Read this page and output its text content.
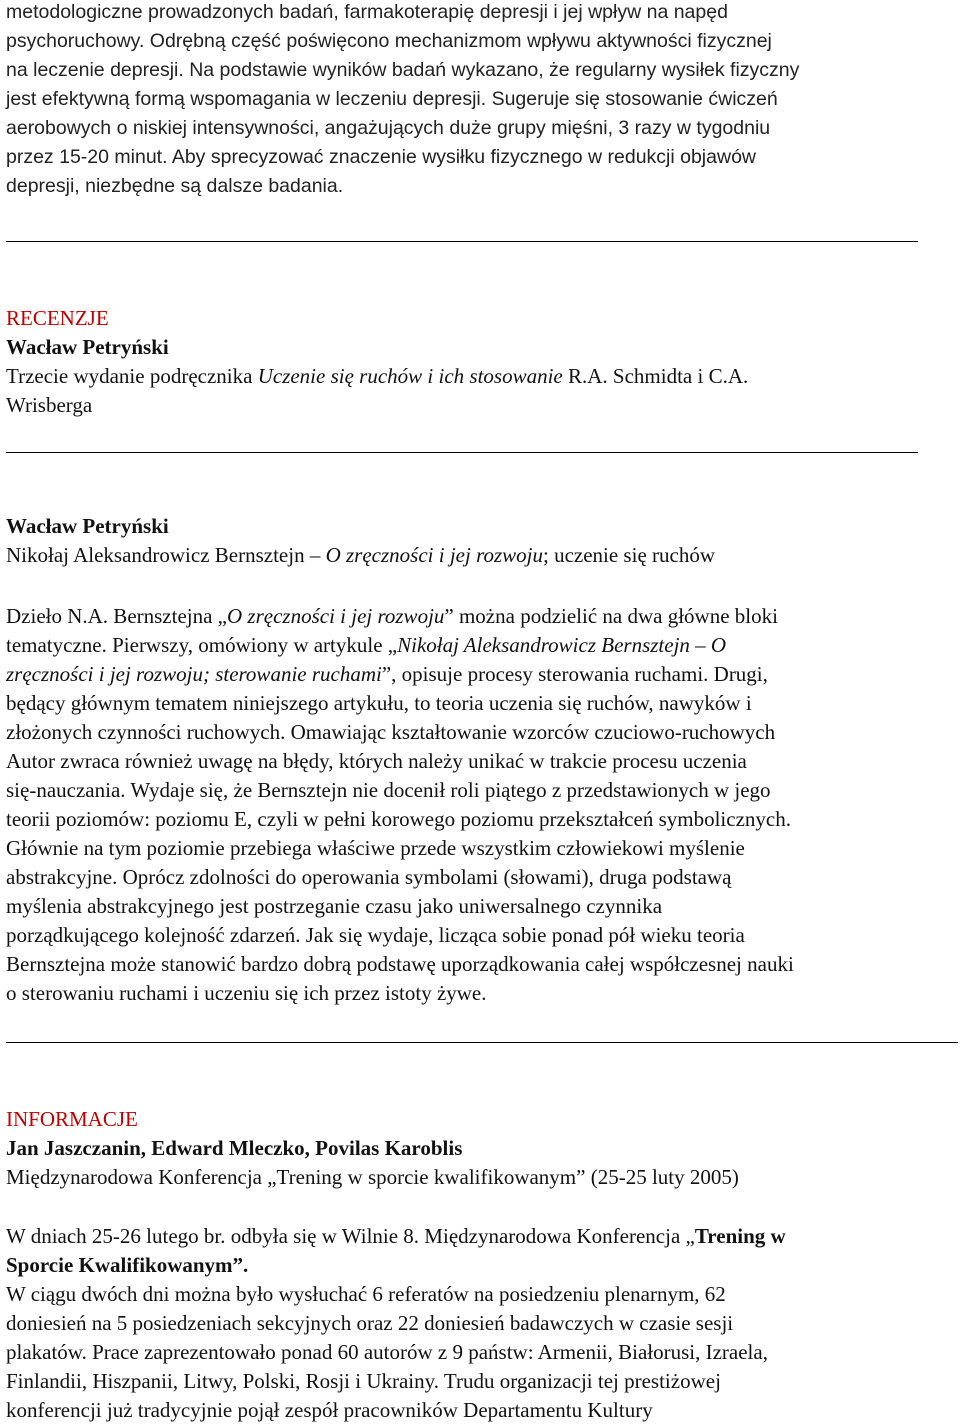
metodologiczne prowadzonych badań, farmakoterapię depresji i jej wpływ na napęd
psychoruchowy. Odrębną część poświęcono mechanizmom wpływu aktywności fizycznej
na leczenie depresji. Na podstawie wyników badań wykazano, że regularny wysiłek fizyczny
jest efektywną formą wspomagania w leczeniu depresji. Sugeruje się stosowanie ćwiczeń
aerobowych o niskiej intensywności, angażujących duże grupy mięśni, 3 razy w tygodniu
przez 15-20 minut. Aby sprecyzować znaczenie wysiłku fizycznego w redukcji objawów
depresji, niezbędne są dalsze badania.
RECENZJE
Wacław Petryński
Trzecie wydanie podręcznika Uczenie się ruchów i ich stosowanie R.A. Schmidta i C.A.
Wrisberga
Wacław Petryński
Nikołaj Aleksandrowicz Bernsztejn – O zręczności i jej rozwoju; uczenie się ruchów
Dzieło N.A. Bernsztejna „O zręczności i jej rozwoju” można podzielić na dwa główne bloki
tematyczne. Pierwszy, omówiony w artykule „Nikołaj Aleksandrowicz Bernsztejn – O
zręczności i jej rozwoju; sterowanie ruchami”, opisuje procesy sterowania ruchami. Drugi,
będący głównym tematem niniejszego artykułu, to teoria uczenia się ruchów, nawyków i
złożonych czynności ruchowych. Omawiając kształtowanie wzorców czuciowo-ruchowych
Autor zwraca również uwagę na błędy, których należy unikać w trakcie procesu uczenia
się-nauczania. Wydaje się, że Bernsztejn nie docenił roli piątego z przedstawionych w jego
teorii poziomów: poziomu E, czyli w pełni korowego poziomu przekształceń symbolicznych.
Głównie na tym poziomie przebiega właściwe przede wszystkim człowiekowi myślenie
abstrakcyjne. Oprócz zdolności do operowania symbolami (słowami), druga podstawą
myślenia abstrakcyjnego jest postrzeganie czasu jako uniwersalnego czynnika
porządkującego kolejność zdarzeń. Jak się wydaje, licząca sobie ponad pół wieku teoria
Bernsztejna może stanowić bardzo dobrą podstawę uporządkowania całej współczesnej nauki
o sterowaniu ruchami i uczeniu się ich przez istoty żywe.
INFORMACJE
Jan Jaszczanin, Edward Mleczko, Povilas Karoblis
Międzynarodowa Konferencja „Trening w sporcie kwalifikowanym” (25-25 luty 2005)
W dniach 25-26 lutego br. odbyła się w Wilnie 8. Międzynarodowa Konferencja „Trening w
Sporcie Kwalifikowanym”.
W ciągu dwóch dni można było wysłuchać 6 referatów na posiedzeniu plenarnym, 62
doniesień na 5 posiedzeniach sekcyjnych oraz 22 doniesień badawczych w czasie sesji
plakatów. Prace zaprezentowało ponad 60 autorów z 9 państw: Armenii, Białorusi, Izraela,
Finlandii, Hiszpanii, Litwy, Polski, Rosji i Ukrainy. Trudu organizacji tej prestiżowej
konferencji już tradycyjnie pojął zespół pracowników Departamentu Kultury
